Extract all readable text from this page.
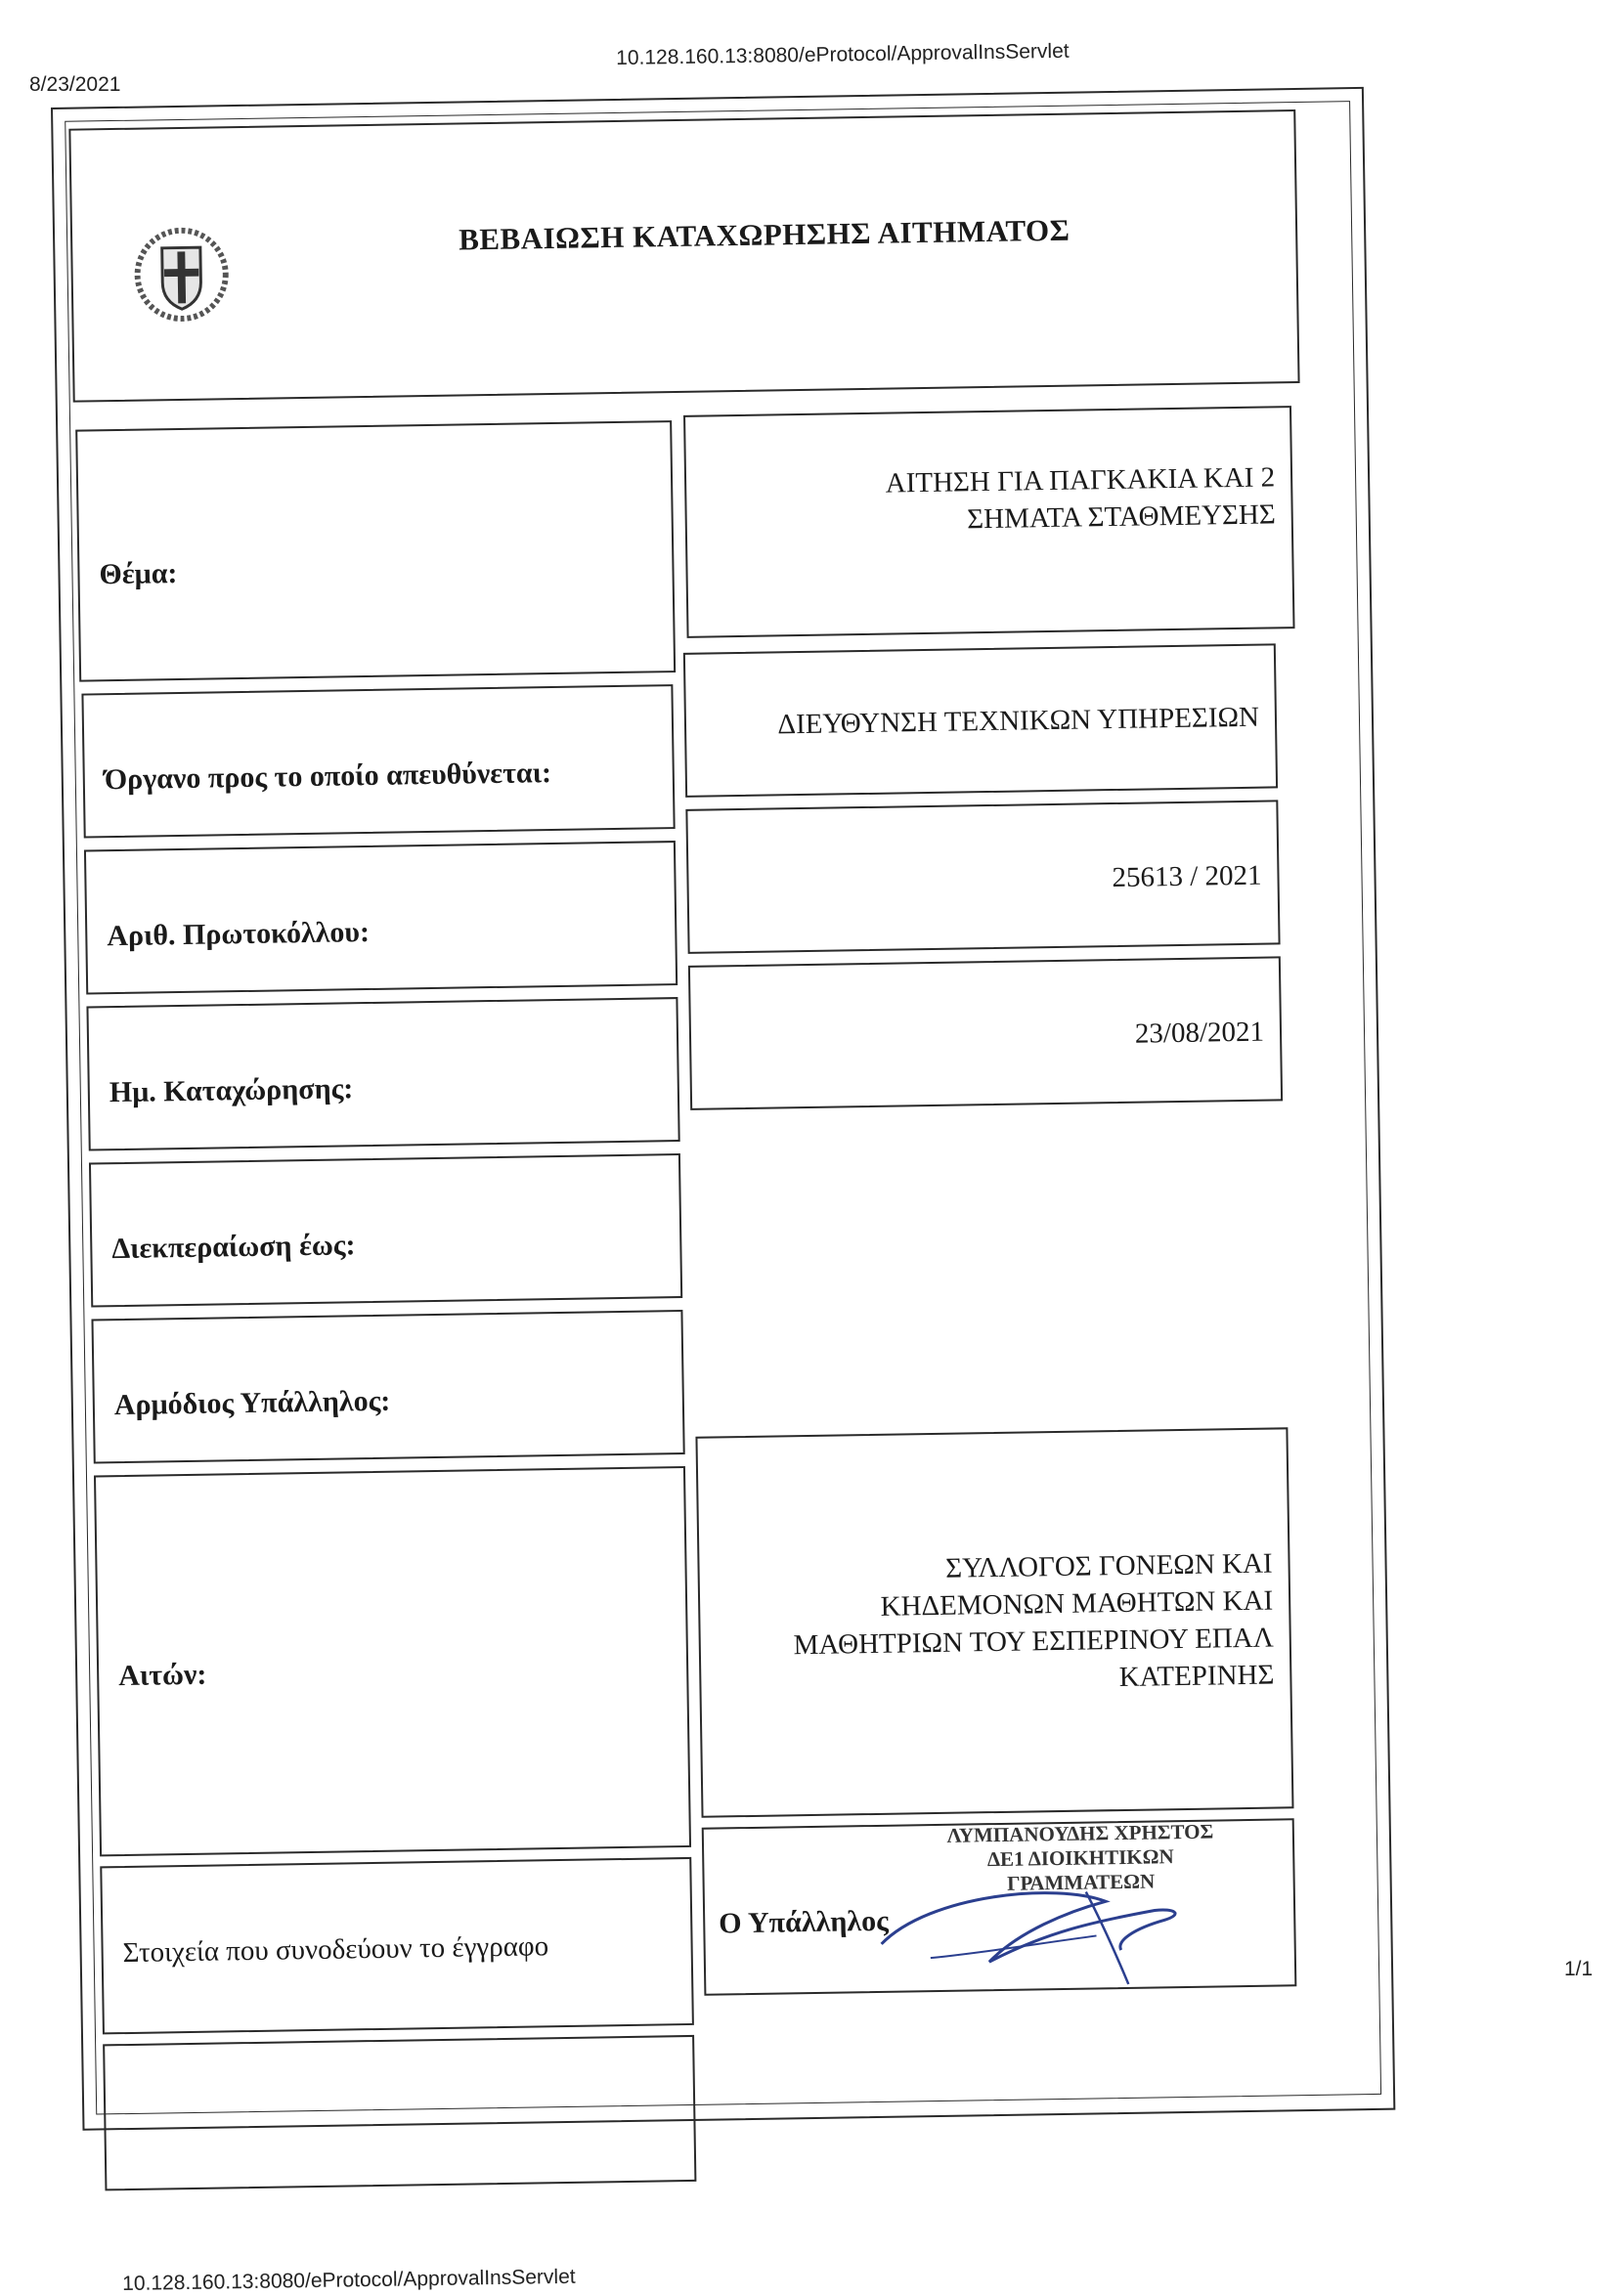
8/23/2021
10.128.160.13:8080/eProtocol/ApprovalInsServlet
10.128.160.13:8080/eProtocol/ApprovalInsServlet
1/1
ΒΕΒΑΙΩΣΗ ΚΑΤΑΧΩΡΗΣΗΣ ΑΙΤΗΜΑΤΟΣ
Θέμα:
ΑΙΤΗΣΗ ΓΙΑ ΠΑΓΚΑΚΙΑ ΚΑΙ 2
ΣΗΜΑΤΑ ΣΤΑΘΜΕΥΣΗΣ
Όργανο προς το οποίο απευθύνεται:
ΔΙΕΥΘΥΝΣΗ ΤΕΧΝΙΚΩΝ ΥΠΗΡΕΣΙΩΝ
Αριθ. Πρωτοκόλλου:
25613 / 2021
Ημ. Καταχώρησης:
23/08/2021
Διεκπεραίωση έως:
Αρμόδιος Υπάλληλος:
Αιτών:
ΣΥΛΛΟΓΟΣ ΓΟΝΕΩΝ ΚΑΙ
ΚΗΔΕΜΟΝΩΝ ΜΑΘΗΤΩΝ ΚΑΙ
ΜΑΘΗΤΡΙΩΝ ΤΟΥ ΕΣΠΕΡΙΝΟΥ ΕΠΑΛ
ΚΑΤΕΡΙΝΗΣ
Στοιχεία που συνοδεύουν το έγγραφο
Ο Υπάλληλος
ΛΥΜΠΑΝΟΥΔΗΣ ΧΡΗΣΤΟΣ
ΔΕ1 ΔΙΟΙΚΗΤΙΚΩΝ
ΓΡΑΜΜΑΤΕΩΝ
